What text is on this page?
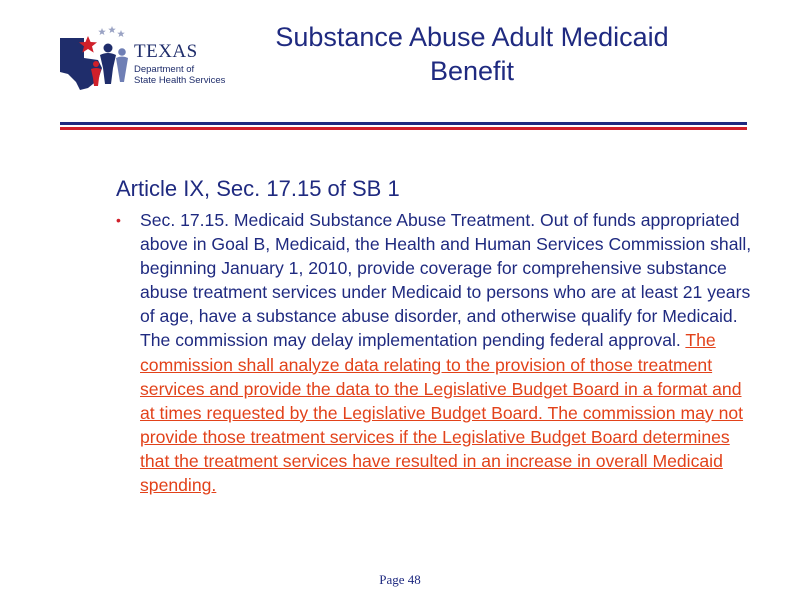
TEXAS
Department of
State Health Services
Substance Abuse Adult Medicaid Benefit
Article IX, Sec. 17.15 of SB 1
• Sec. 17.15. Medicaid Substance Abuse Treatment. Out of funds appropriated above in Goal B, Medicaid, the Health and Human Services Commission shall, beginning January 1, 2010, provide coverage for comprehensive substance abuse treatment services under Medicaid to persons who are at least 21 years of age, have a substance abuse disorder, and otherwise qualify for Medicaid. The commission may delay implementation pending federal approval. The commission shall analyze data relating to the provision of those treatment services and provide the data to the Legislative Budget Board in a format and at times requested by the Legislative Budget Board. The commission may not provide those treatment services if the Legislative Budget Board determines that the treatment services have resulted in an increase in overall Medicaid spending.
Page 48
